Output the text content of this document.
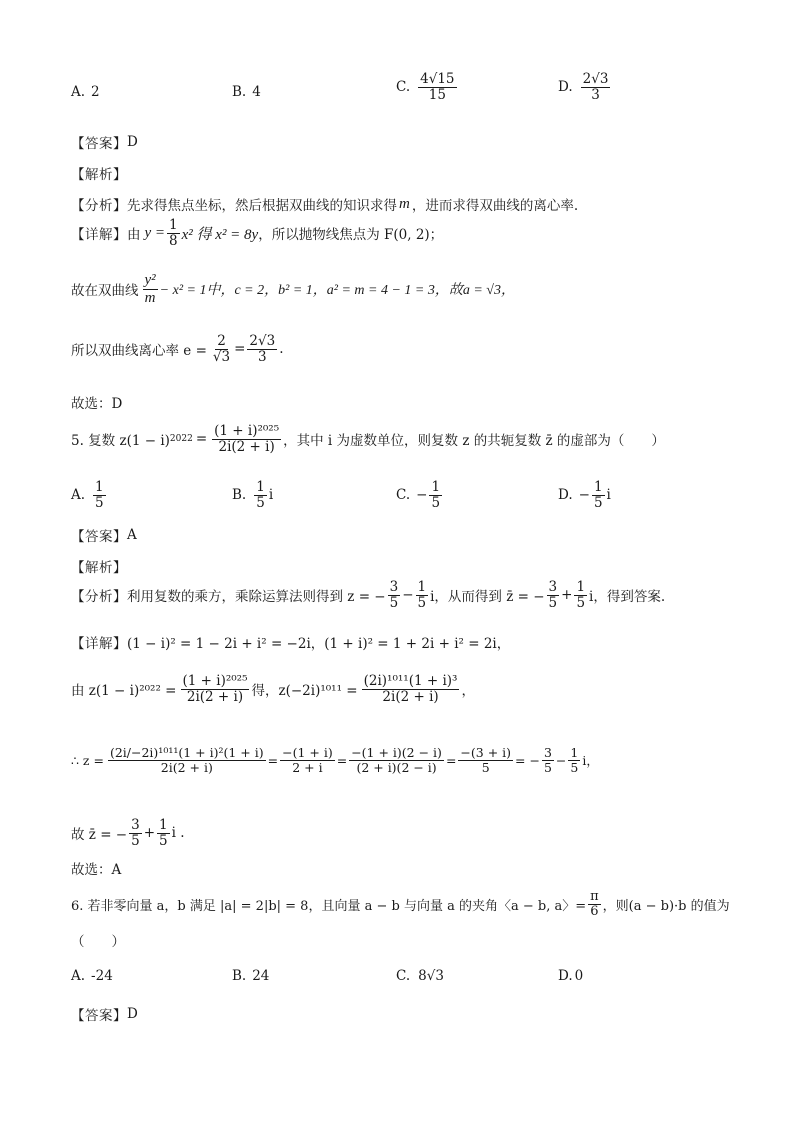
A. 2	B. 4	C. $\frac{4√15}{15}$	D. $\frac{2√3}{3}$
【答案】 D
【解析】
【分析】 先求得焦点坐标，然后根据双曲线的知识求得 m ，进而求得双曲线的离心率.
【详解】 由 $y = \frac{1}{8} x^2$ 得 x² = 8y ，所以抛物线焦点为 F(0, 2)；
故在双曲线 $\frac{\text{y²}}{m} - x^2 = 1$中，c = 2，b² = 1，a² = m = 4 − 1 = 3，故a = √3，
所以双曲线离心率 $e = \frac{2}{√3} = \frac{2√3}{3}$ .
故选：D
5. 复数 z(1 − i) $2022 = \frac{\text{(1 + i)²⁰²⁵}}{2i(2 + i)}$ ，其中 i 为虚数单位，则复数 z 的共轭复数 z̄ 的虚部为（　　）
A. $\frac{1}{5}$	B. $\frac{1}{5}$ i	C. − $\frac{1}{5}$	D. − $\frac{1}{5}$ i
【答案】 A
【解析】
【分析】 利用复数的乘方，乘除运算法则得到 z = − $\frac{3}{5} - \frac{1}{5}$ i，从而得到 z̄ = − $\frac{3}{5} + \frac{1}{5}$ i，得到答案.
【详解】 (1 − i)² = 1 − 2i + i² = −2i，(1 + i)² = 1 + 2i + i² = 2i，
由 $z(1 - i)^{2022} = \frac{\text{(1 + i)²⁰²⁵}}{2i(2 + i)}$ 得，$z(-2i)^{1011} = \frac{\text{(2i)¹⁰¹¹(1 + i)³}}{2i(2 + i)}$ ，
∴ $z = \frac{\text{(2i/−2i)¹⁰¹¹(1 + i)²(1 + i)}}{2i(2 + i)} = \frac{-(1 + i)}{2 + i} = \frac{-(1 + i)(2 - i)}{(2 + i)(2 - i)} = \frac{-(3 + i)}{5}$ = − $\frac{3}{5} - \frac{1}{5}$ i，
故 z̄ = − $\frac{3}{5} + \frac{1}{5}$ i .
故选：A
6. 若非零向量 a，b 满足 |a| = 2|b| = 8，且向量 a − b 与向量 a 的夹角〈a − b, a〉= $\frac{\pi}{6}$ ，则(a − b)·b 的值为
（　　）
A. -24	B. 24	C. 8√3	D. 0
【答案】 D
